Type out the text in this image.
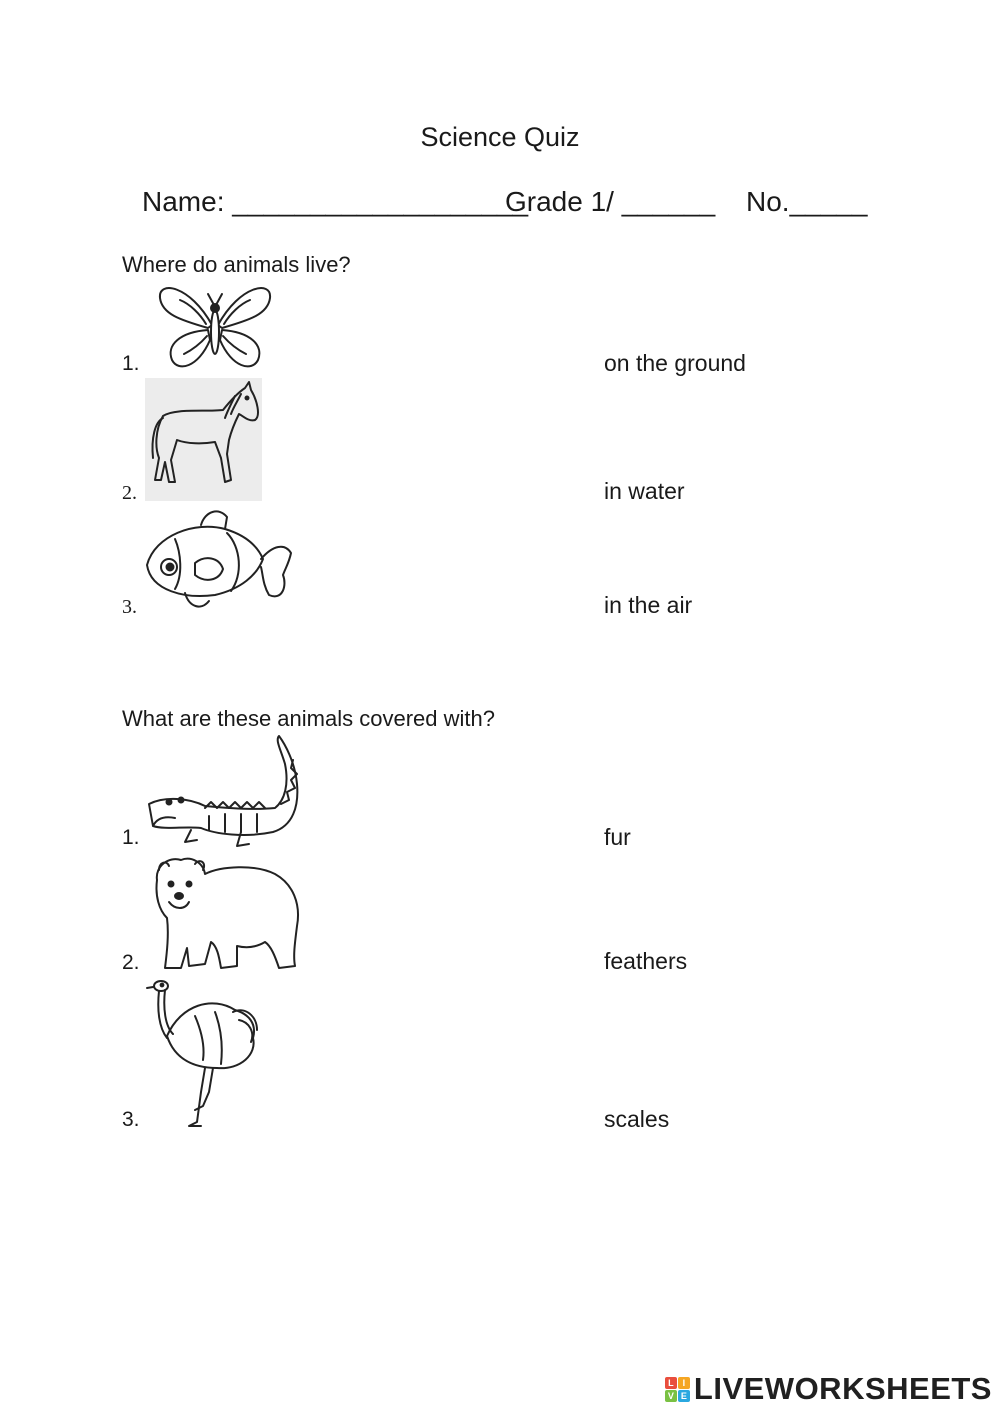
Science Quiz
Name: ___________________
Grade 1/ ______ No._____
Where do animals live?
1.	on the ground
2.	in water
3.	in the air
What are these animals covered with?
1.	fur
2.	feathers
3.	scales
L I
V E LIVEWORKSHEETS
